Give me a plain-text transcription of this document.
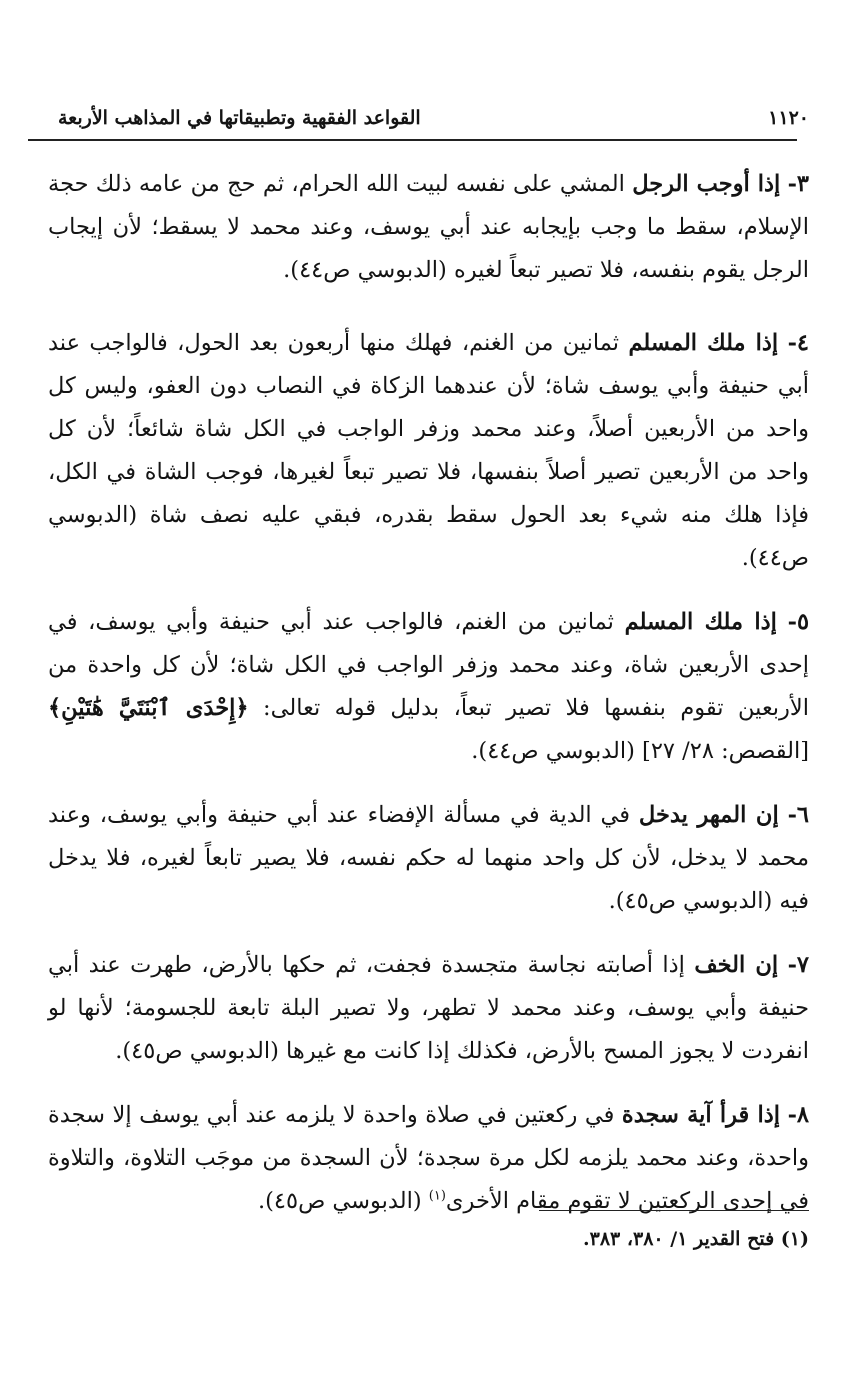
١١٢٠
القواعد الفقهية وتطبيقاتها في المذاهب الأربعة

٣- إذا أوجب الرجل المشي على نفسه لبيت الله الحرام، ثم حج من عامه ذلك حجة الإسلام، سقط ما وجب بإيجابه عند أبي يوسف، وعند محمد لا يسقط؛ لأن إيجاب الرجل يقوم بنفسه، فلا تصير تبعاً لغيره (الدبوسي ص٤٤).

٤- إذا ملك المسلم ثمانين من الغنم، فهلك منها أربعون بعد الحول، فالواجب عند أبي حنيفة وأبي يوسف شاة؛ لأن عندهما الزكاة في النصاب دون العفو، وليس كل واحد من الأربعين أصلاً، وعند محمد وزفر الواجب في الكل شاة شائعاً؛ لأن كل واحد من الأربعين تصير أصلاً بنفسها، فلا تصير تبعاً لغيرها، فوجب الشاة في الكل، فإذا هلك منه شيء بعد الحول سقط بقدره، فبقي عليه نصف شاة (الدبوسي ص٤٤).

٥- إذا ملك المسلم ثمانين من الغنم، فالواجب عند أبي حنيفة وأبي يوسف، في إحدى الأربعين شاة، وعند محمد وزفر الواجب في الكل شاة؛ لأن كل واحدة من الأربعين تقوم بنفسها فلا تصير تبعاً، بدليل قوله تعالى: ﴿إِحْدَى ٱبْنَتَيَّ هَٰتَيْنِ﴾ [القصص: ٢٨/ ٢٧] (الدبوسي ص٤٤).

٦- إن المهر يدخل في الدية في مسألة الإفضاء عند أبي حنيفة وأبي يوسف، وعند محمد لا يدخل، لأن كل واحد منهما له حكم نفسه، فلا يصير تابعاً لغيره، فلا يدخل فيه (الدبوسي ص٤٥).

٧- إن الخف إذا أصابته نجاسة متجسدة فجفت، ثم حكها بالأرض، طهرت عند أبي حنيفة وأبي يوسف، وعند محمد لا تطهر، ولا تصير البلة تابعة للجسومة؛ لأنها لو انفردت لا يجوز المسح بالأرض، فكذلك إذا كانت مع غيرها (الدبوسي ص٤٥).

٨- إذا قرأ آية سجدة في ركعتين في صلاة واحدة لا يلزمه عند أبي يوسف إلا سجدة واحدة، وعند محمد يلزمه لكل مرة سجدة؛ لأن السجدة من موجَب التلاوة، والتلاوة في إحدى الركعتين لا تقوم مقام الأخرى$^{(١)}$ (الدبوسي ص٤٥).

(١) فتح القدير ١/ ٣٨٠، ٣٨٣.
